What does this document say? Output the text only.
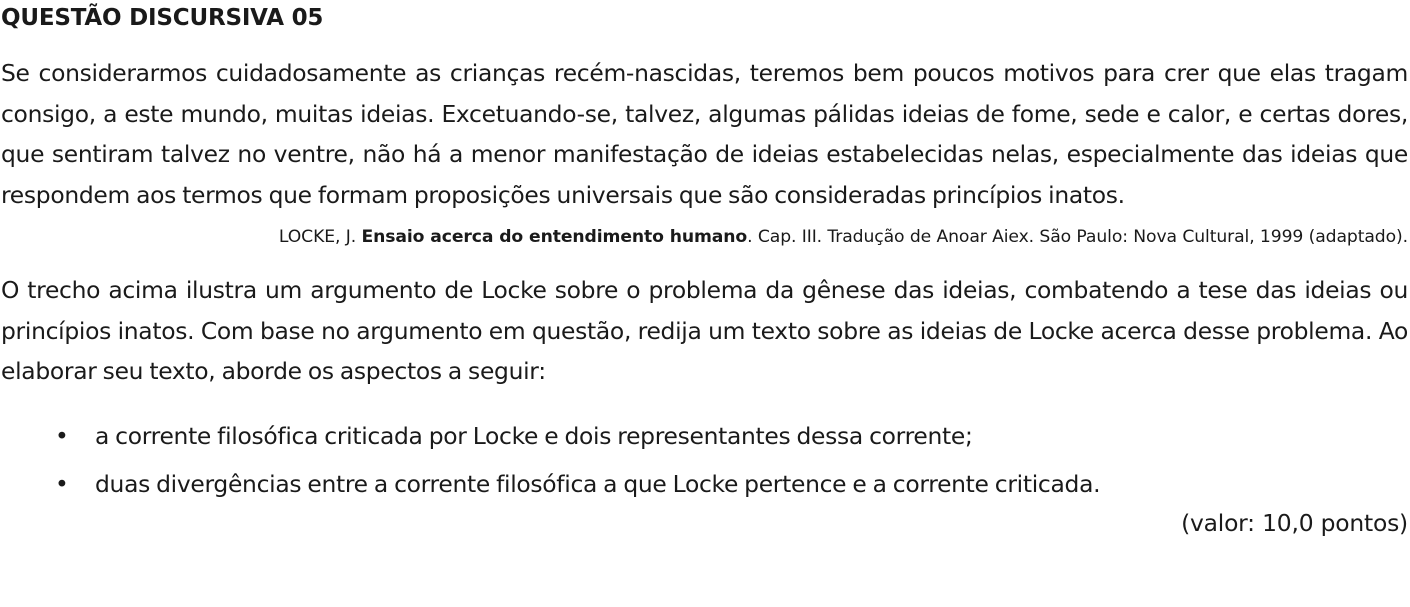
QUESTÃO DISCURSIVA 05

Se considerarmos cuidadosamente as crianças recém-nascidas, teremos bem poucos motivos para crer que elas tragam consigo, a este mundo, muitas ideias. Excetuando-se, talvez, algumas pálidas ideias de fome, sede e calor, e certas dores, que sentiram talvez no ventre, não há a menor manifestação de ideias estabelecidas nelas, especialmente das ideias que respondem aos termos que formam proposições universais que são consideradas princípios inatos.

LOCKE, J. Ensaio acerca do entendimento humano. Cap. III. Tradução de Anoar Aiex. São Paulo: Nova Cultural, 1999 (adaptado).

O trecho acima ilustra um argumento de Locke sobre o problema da gênese das ideias, combatendo a tese das ideias ou princípios inatos. Com base no argumento em questão, redija um texto sobre as ideias de Locke acerca desse problema. Ao elaborar seu texto, aborde os aspectos a seguir:

• a corrente filosófica criticada por Locke e dois representantes dessa corrente;
• duas divergências entre a corrente filosófica a que Locke pertence e a corrente criticada.

(valor: 10,0 pontos)
